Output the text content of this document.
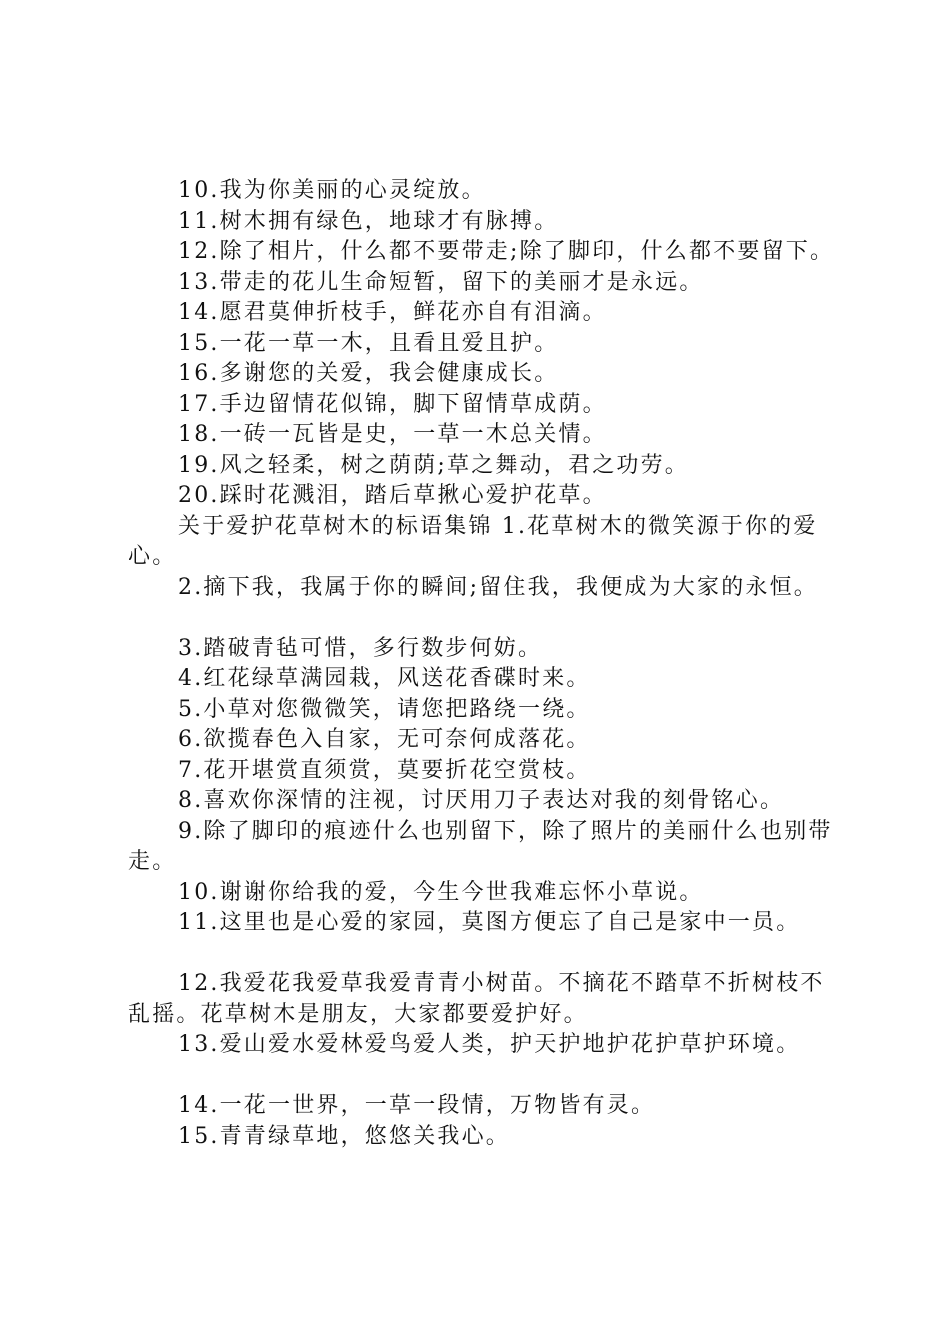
10.我为你美丽的心灵绽放。

11.树木拥有绿色，地球才有脉搏。

12.除了相片，什么都不要带走;除了脚印，什么都不要留下。

13.带走的花儿生命短暂，留下的美丽才是永远。

14.愿君莫伸折枝手，鲜花亦自有泪滴。

15.一花一草一木，且看且爱且护。

16.多谢您的关爱，我会健康成长。

17.手边留情花似锦，脚下留情草成荫。

18.一砖一瓦皆是史，一草一木总关情。

19.风之轻柔，树之荫荫;草之舞动，君之功劳。

20.踩时花溅泪，踏后草揪心爱护花草。

关于爱护花草树木的标语集锦 1.花草树木的微笑源于你的爱心。

2.摘下我，我属于你的瞬间;留住我，我便成为大家的永恒。

3.踏破青毡可惜，多行数步何妨。

4.红花绿草满园栽，风送花香碟时来。

5.小草对您微微笑，请您把路绕一绕。

6.欲揽春色入自家，无可奈何成落花。

7.花开堪赏直须赏，莫要折花空赏枝。

8.喜欢你深情的注视，讨厌用刀子表达对我的刻骨铭心。

9.除了脚印的痕迹什么也别留下，除了照片的美丽什么也别带走。

10.谢谢你给我的爱，今生今世我难忘怀小草说。

11.这里也是心爱的家园，莫图方便忘了自己是家中一员。

12.我爱花我爱草我爱青青小树苗。不摘花不踏草不折树枝不乱摇。花草树木是朋友，大家都要爱护好。

13.爱山爱水爱林爱鸟爱人类，护天护地护花护草护环境。

14.一花一世界，一草一段情，万物皆有灵。

15.青青绿草地，悠悠关我心。
